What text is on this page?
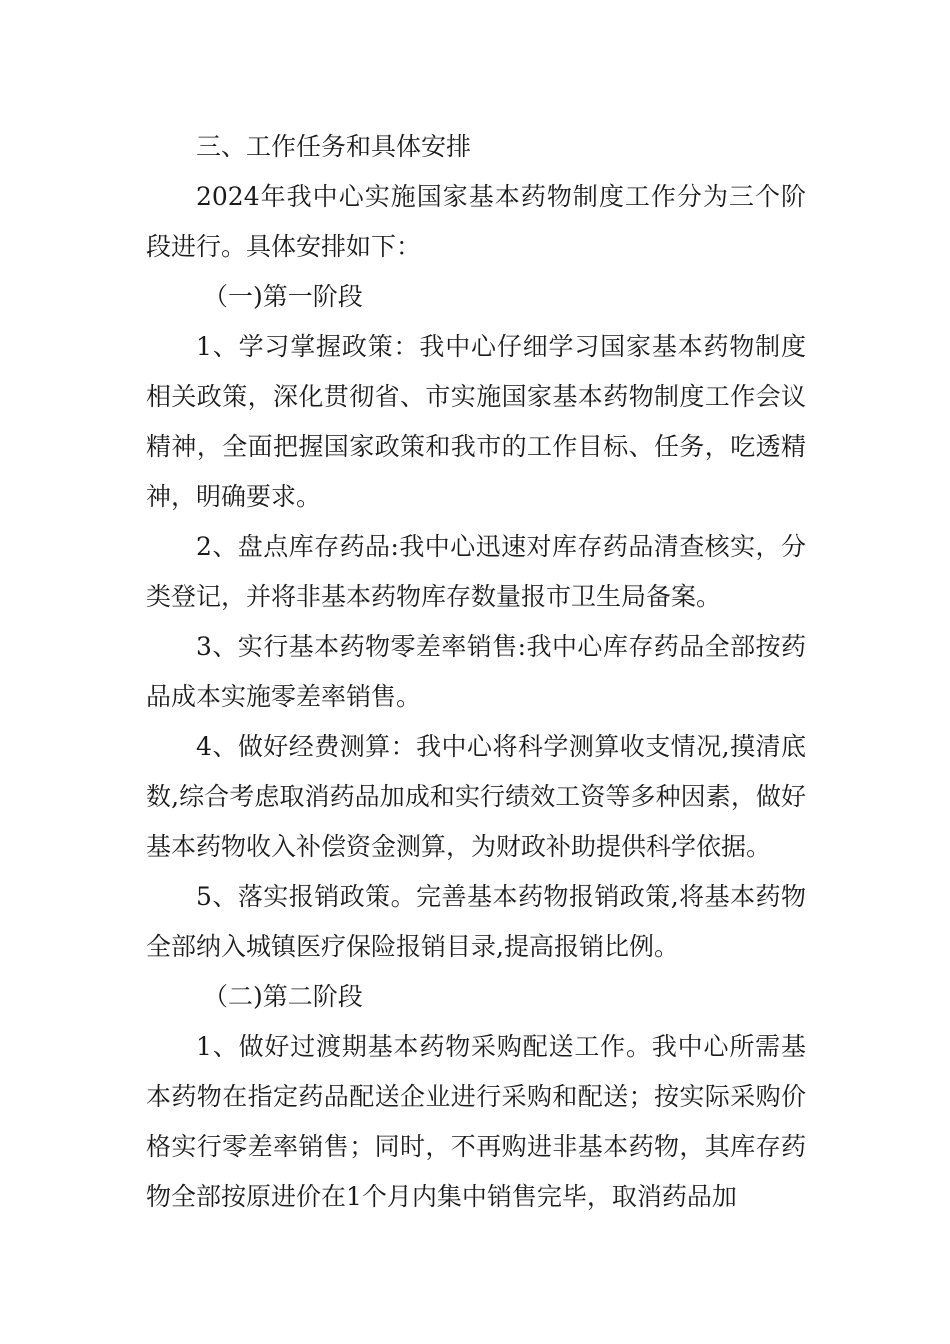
三、工作任务和具体安排

2024年我中心实施国家基本药物制度工作分为三个阶段进行。具体安排如下：

（一)第一阶段

1、学习掌握政策：我中心仔细学习国家基本药物制度相关政策，深化贯彻省、市实施国家基本药物制度工作会议精神，全面把握国家政策和我市的工作目标、任务，吃透精神，明确要求。

2、盘点库存药品:我中心迅速对库存药品清查核实，分类登记，并将非基本药物库存数量报市卫生局备案。

3、实行基本药物零差率销售:我中心库存药品全部按药品成本实施零差率销售。

4、做好经费测算：我中心将科学测算收支情况,摸清底数,综合考虑取消药品加成和实行绩效工资等多种因素，做好基本药物收入补偿资金测算，为财政补助提供科学依据。

5、落实报销政策。完善基本药物报销政策,将基本药物全部纳入城镇医疗保险报销目录,提高报销比例。

（二)第二阶段

1、做好过渡期基本药物采购配送工作。我中心所需基本药物在指定药品配送企业进行采购和配送；按实际采购价格实行零差率销售；同时，不再购进非基本药物，其库存药物全部按原进价在1个月内集中销售完毕，取消药品加
